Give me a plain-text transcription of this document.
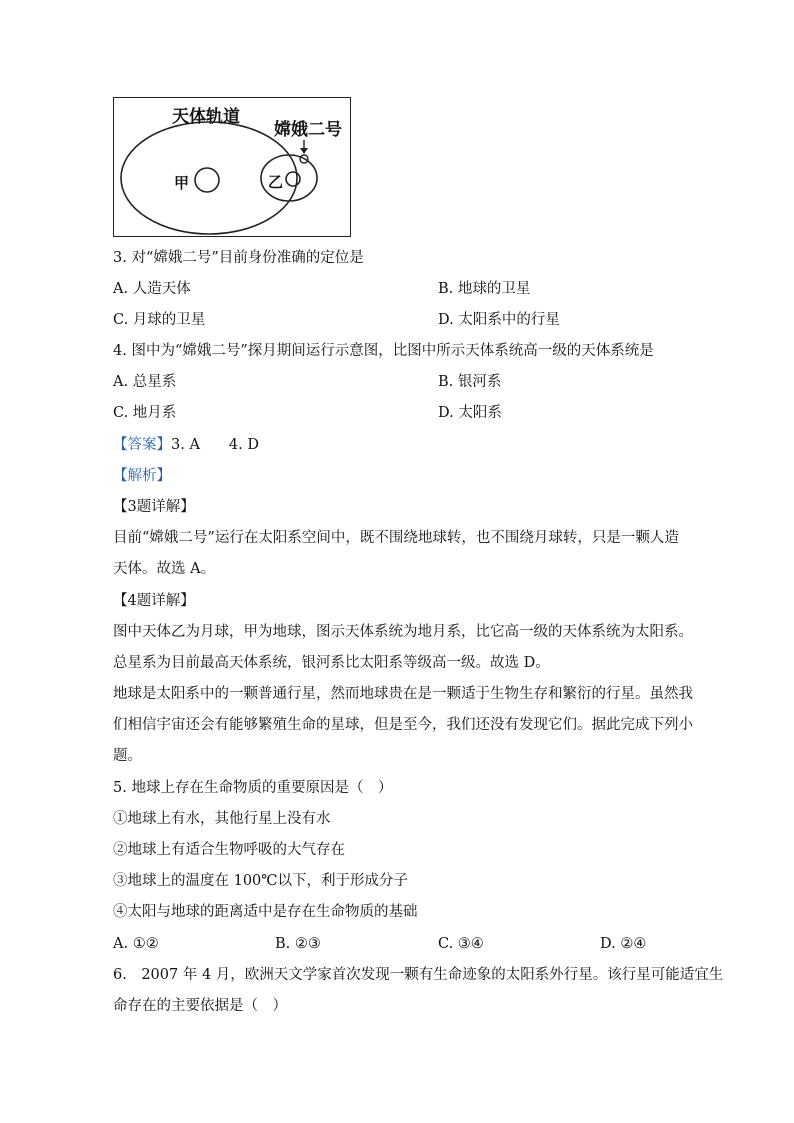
天体轨道
嫦娥二号
甲	乙
3. 对“嫦娥二号”目前身份准确的定位是
A. 人造天体	B. 地球的卫星
C. 月球的卫星	D. 太阳系中的行星
4. 图中为“嫦娥二号”探月期间运行示意图，比图中所示天体系统高一级的天体系统是
A. 总星系	B. 银河系
C. 地月系	D. 太阳系
【答案】3. A　　4. D
【解析】
【3题详解】
目前“嫦娥二号”运行在太阳系空间中，既不围绕地球转，也不围绕月球转，只是一颗人造
天体。故选 A。
【4题详解】
图中天体乙为月球，甲为地球，图示天体系统为地月系，比它高一级的天体系统为太阳系。
总星系为目前最高天体系统，银河系比太阳系等级高一级。故选 D。
地球是太阳系中的一颗普通行星，然而地球贵在是一颗适于生物生存和繁衍的行星。虽然我
们相信宇宙还会有能够繁殖生命的星球，但是至今，我们还没有发现它们。据此完成下列小
题。
5. 地球上存在生命物质的重要原因是（　）
①地球上有水，其他行星上没有水
②地球上有适合生物呼吸的大气存在
③地球上的温度在 100℃以下，利于形成分子
④太阳与地球的距离适中是存在生命物质的基础
A. ①②	B. ②③	C. ③④	D. ②④
6.　2007 年 4 月，欧洲天文学家首次发现一颗有生命迹象的太阳系外行星。该行星可能适宜生
命存在的主要依据是（　）
